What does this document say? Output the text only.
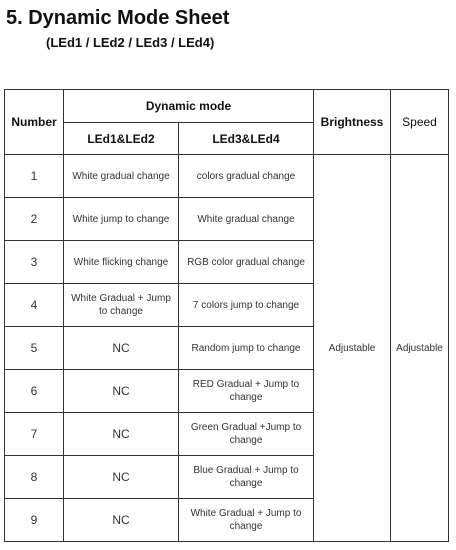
5. Dynamic Mode Sheet
(LEd1 / LEd2 / LEd3 / LEd4)
Number	Dynamic mode		Brightness	Speed
	LEd1&LEd2	LEd3&LEd4		
1	White gradual change	colors gradual change	Adjustable	Adjustable
2	White jump to change	White gradual change		
3	White flicking change	RGB color gradual change		
4	White Gradual + Jump to change	7 colors jump to change		
5	NC	Random jump to change		
6	NC	RED Gradual + Jump to change		
7	NC	Green Gradual +Jump to change		
8	NC	Blue Gradual + Jump to change		
9	NC	White Gradual + Jump to change		
